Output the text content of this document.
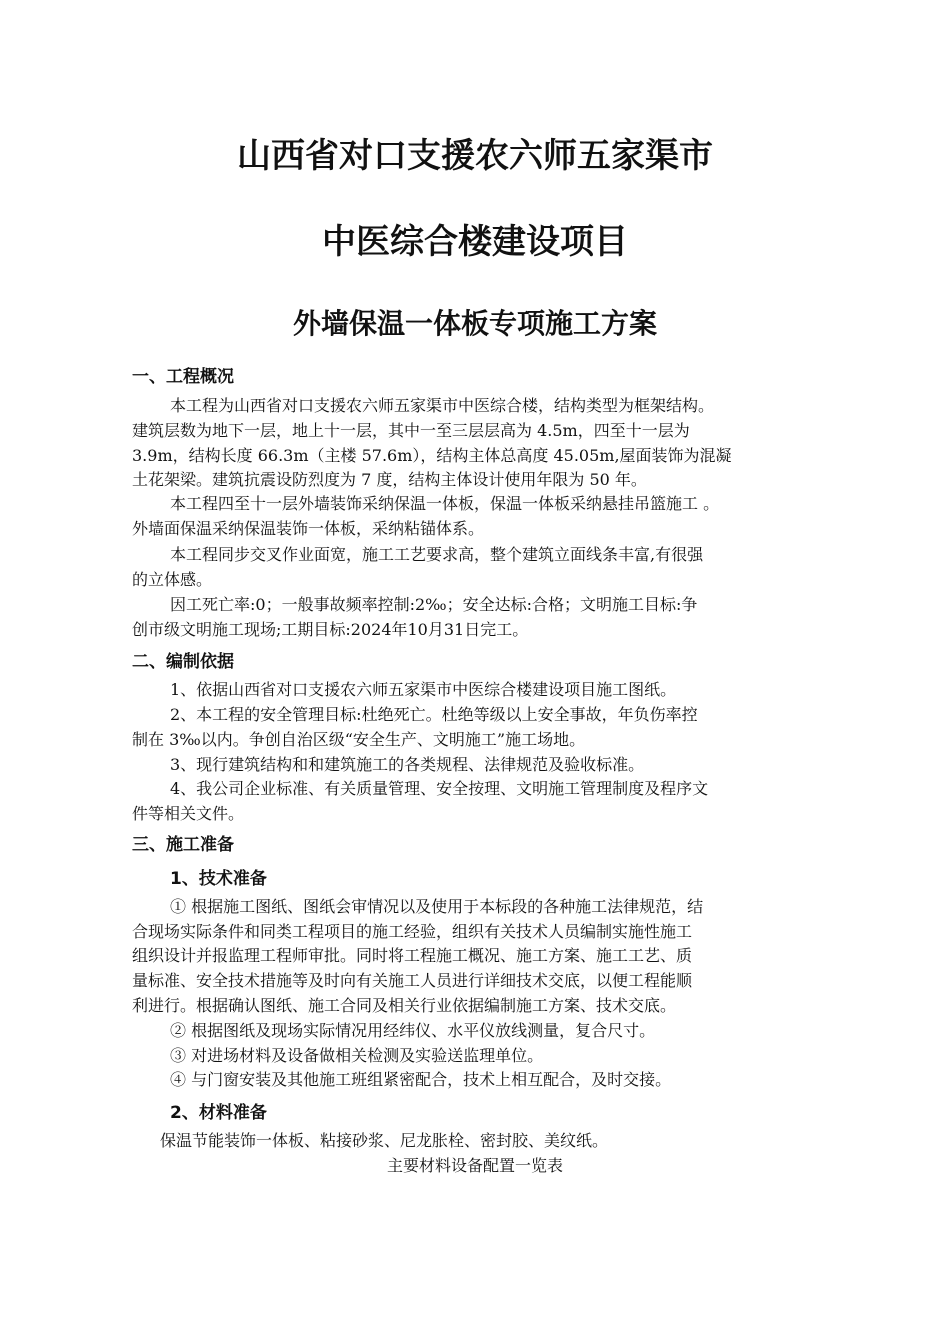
山西省对口支援农六师五家渠市
中医综合楼建设项目
外墙保温一体板专项施工方案
一、工程概况
本工程为山西省对口支援农六师五家渠市中医综合楼，结构类型为框架结构。
建筑层数为地下一层，地上十一层，其中一至三层层高为 4.5m，四至十一层为
3.9m，结构长度 66.3m（主楼 57.6m），结构主体总高度 45.05m,屋面装饰为混凝
土花架梁。建筑抗震设防烈度为 7 度，结构主体设计使用年限为 50 年。
本工程四至十一层外墙装饰采纳保温一体板，保温一体板采纳悬挂吊篮施工 。
外墙面保温采纳保温装饰一体板，采纳粘锚体系。
本工程同步交叉作业面宽，施工工艺要求高，整个建筑立面线条丰富,有很强
的立体感。
因工死亡率:0；一般事故频率控制:2‰；安全达标:合格；文明施工目标:争
创市级文明施工现场;工期目标:2024年10月31日完工。
二、编制依据
1、依据山西省对口支援农六师五家渠市中医综合楼建设项目施工图纸。
2、本工程的安全管理目标:杜绝死亡。杜绝等级以上安全事故，年负伤率控
制在 3‰以内。争创自治区级“安全生产、文明施工”施工场地。
3、现行建筑结构和和建筑施工的各类规程、法律规范及验收标准。
4、我公司企业标准、有关质量管理、安全按理、文明施工管理制度及程序文
件等相关文件。
三、施工准备
1、技术准备
① 根据施工图纸、图纸会审情况以及使用于本标段的各种施工法律规范，结
合现场实际条件和同类工程项目的施工经验，组织有关技术人员编制实施性施工
组织设计并报监理工程师审批。同时将工程施工概况、施工方案、施工工艺、质
量标准、安全技术措施等及时向有关施工人员进行详细技术交底，以便工程能顺
利进行。根据确认图纸、施工合同及相关行业依据编制施工方案、技术交底。
② 根据图纸及现场实际情况用经纬仪、水平仪放线测量，复合尺寸。
③ 对进场材料及设备做相关检测及实验送监理单位。
④ 与门窗安装及其他施工班组紧密配合，技术上相互配合，及时交接。
2、材料准备
保温节能装饰一体板、粘接砂浆、尼龙胀栓、密封胶、美纹纸。
主要材料设备配置一览表
